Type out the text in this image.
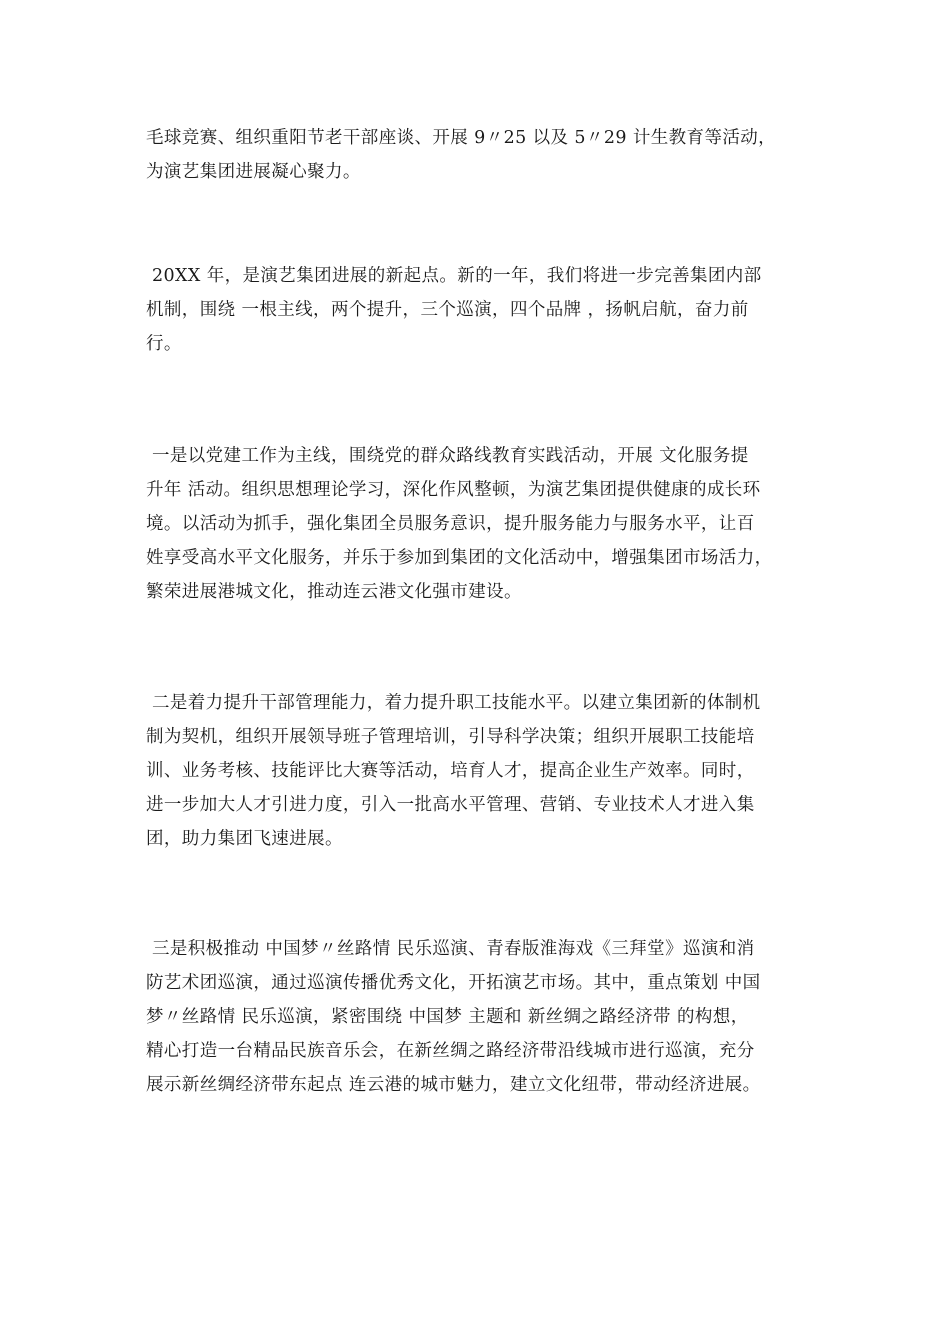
毛球竞赛、组织重阳节老干部座谈、开展 9〃25 以及 5〃29 计生教育等活动，
为演艺集团进展凝心聚力。

20XX 年，是演艺集团进展的新起点。新的一年，我们将进一步完善集团内部
机制，围绕 一根主线，两个提升，三个巡演，四个品牌 ，扬帆启航，奋力前
行。

一是以党建工作为主线，围绕党的群众路线教育实践活动，开展 文化服务提
升年 活动。组织思想理论学习，深化作风整顿，为演艺集团提供健康的成长环
境。以活动为抓手，强化集团全员服务意识，提升服务能力与服务水平，让百
姓享受高水平文化服务，并乐于参加到集团的文化活动中，增强集团市场活力，
繁荣进展港城文化，推动连云港文化强市建设。

二是着力提升干部管理能力，着力提升职工技能水平。以建立集团新的体制机
制为契机，组织开展领导班子管理培训，引导科学决策；组织开展职工技能培
训、业务考核、技能评比大赛等活动，培育人才，提高企业生产效率。同时，
进一步加大人才引进力度，引入一批高水平管理、营销、专业技术人才进入集
团，助力集团飞速进展。

三是积极推动 中国梦〃丝路情 民乐巡演、青春版淮海戏《三拜堂》巡演和消
防艺术团巡演，通过巡演传播优秀文化，开拓演艺市场。其中，重点策划 中国
梦〃丝路情 民乐巡演，紧密围绕 中国梦 主题和 新丝绸之路经济带 的构想，
精心打造一台精品民族音乐会，在新丝绸之路经济带沿线城市进行巡演，充分
展示新丝绸经济带东起点 连云港的城市魅力，建立文化纽带，带动经济进展。
